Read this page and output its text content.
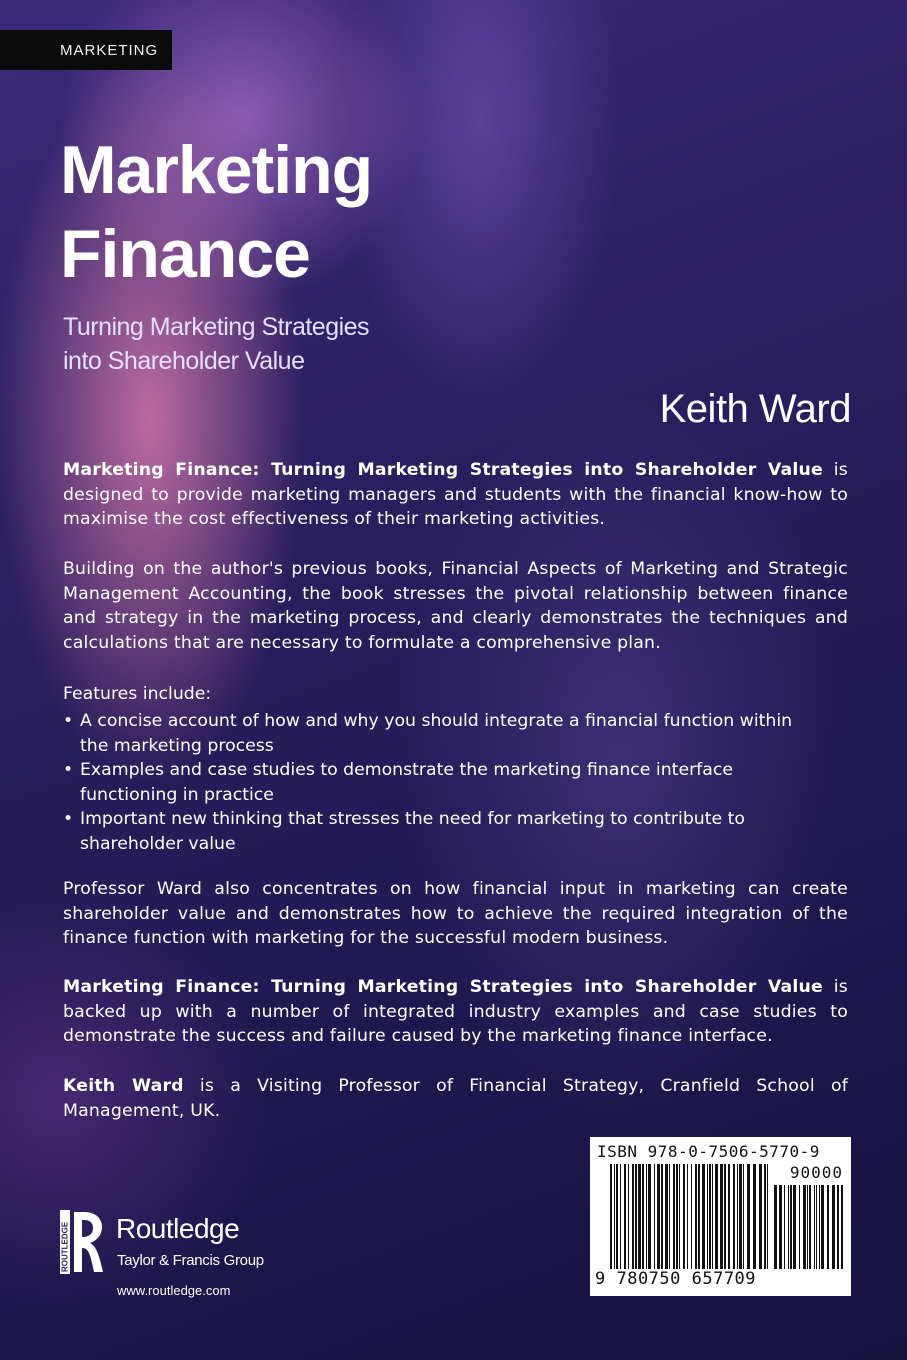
MARKETING
Marketing
Finance
Turning Marketing Strategies
into Shareholder Value
Keith Ward

Marketing Finance: Turning Marketing Strategies into Shareholder Value is designed to provide marketing managers and students with the financial know-how to maximise the cost effectiveness of their marketing activities.

Building on the author's previous books, Financial Aspects of Marketing and Strategic Management Accounting, the book stresses the pivotal relationship between finance and strategy in the marketing process, and clearly demonstrates the techniques and calculations that are necessary to formulate a comprehensive plan.

Features include:
• A concise account of how and why you should integrate a financial function within the marketing process
• Examples and case studies to demonstrate the marketing finance interface functioning in practice
• Important new thinking that stresses the need for marketing to contribute to shareholder value

Professor Ward also concentrates on how financial input in marketing can create shareholder value and demonstrates how to achieve the required integration of the finance function with marketing for the successful modern business.

Marketing Finance: Turning Marketing Strategies into Shareholder Value is backed up with a number of integrated industry examples and case studies to demonstrate the success and failure caused by the marketing finance interface.

Keith Ward is a Visiting Professor of Financial Strategy, Cranfield School of Management, UK.

ROUTLEDGE Routledge
Taylor & Francis Group
www.routledge.com
ISBN 978-0-7506-5770-9
90000
9 780750 657709
